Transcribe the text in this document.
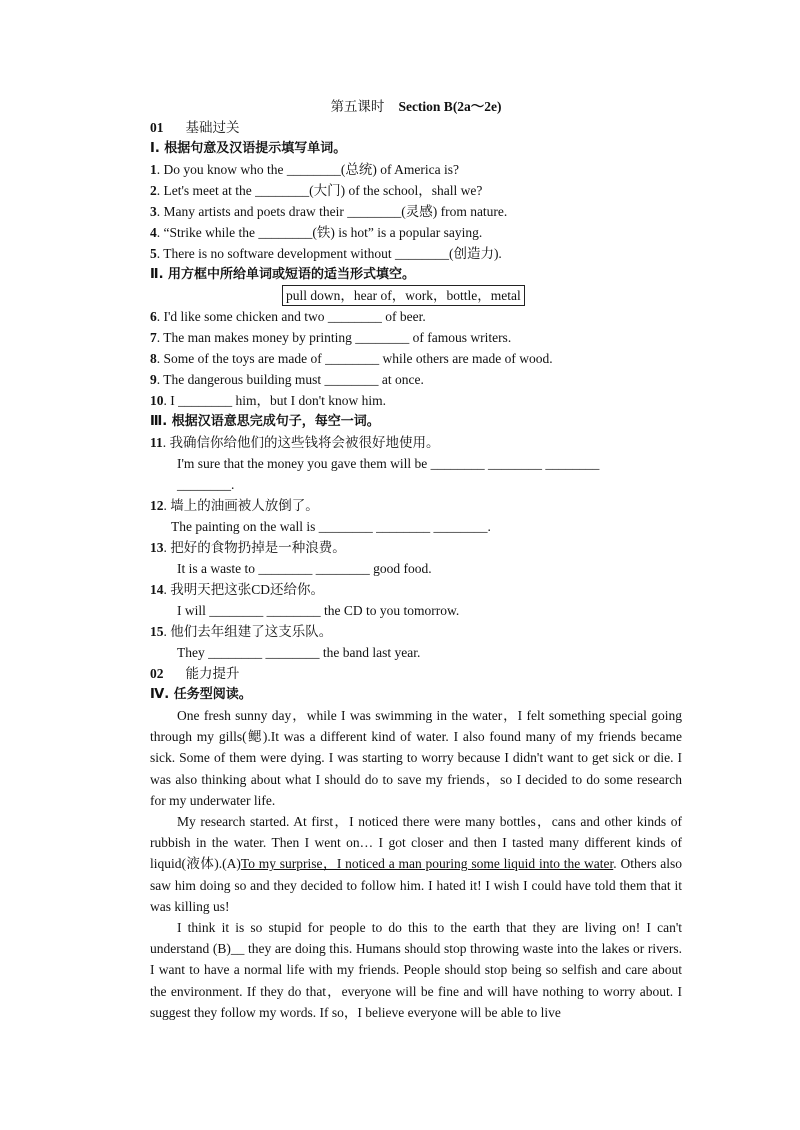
第五课时 Section B(2a～2e)
01 基础过关
Ⅰ. 根据句意及汉语提示填写单词。
1. Do you know who the ________(总统) of America is?
2. Let's meet at the ________(大门) of the school，shall we?
3. Many artists and poets draw their ________(灵感) from nature.
4. “Strike while the ________(铁) is hot” is a popular saying.
5. There is no software development without ________(创造力).
Ⅱ. 用方框中所给单词或短语的适当形式填空。
pull down，hear of，work，bottle，metal
6. I'd like some chicken and two ________ of beer.
7. The man makes money by printing ________ of famous writers.
8. Some of the toys are made of ________ while others are made of wood.
9. The dangerous building must ________ at once.
10. I ________ him，but I don't know him.
Ⅲ. 根据汉语意思完成句子，每空一词。
11. 我确信你给他们的这些钱将会被很好地使用。
I'm sure that the money you gave them will be ________ ________ ________
________.
12. 墙上的油画被人放倒了。
The painting on the wall is ________ ________ ________.
13. 把好的食物扔掉是一种浪费。
It is a waste to ________ ________ good food.
14. 我明天把这张CD还给你。
I will ________ ________ the CD to you tomorrow.
15. 他们去年组建了这支乐队。
They ________ ________ the band last year.
02 能力提升
Ⅳ. 任务型阅读。
One fresh sunny day，while I was swimming in the water，I felt something special going through my gills(鳃).It was a different kind of water. I also found many of my friends became sick. Some of them were dying. I was starting to worry because I didn't want to get sick or die. I was also thinking about what I should do to save my friends，so I decided to do some research for my underwater life.
My research started. At first，I noticed there were many bottles，cans and other kinds of rubbish in the water. Then I went on… I got closer and then I tasted many different kinds of liquid(液体).(A)To my surprise，I noticed a man pouring some liquid into the water. Others also saw him doing so and they decided to follow him. I hated it! I wish I could have told them that it was killing us!
I think it is so stupid for people to do this to the earth that they are living on! I can't understand (B)__ they are doing this. Humans should stop throwing waste into the lakes or rivers. I want to have a normal life with my friends. People should stop being so selfish and care about the environment. If they do that，everyone will be fine and will have nothing to worry about. I suggest they follow my words. If so，I believe everyone will be able to live
